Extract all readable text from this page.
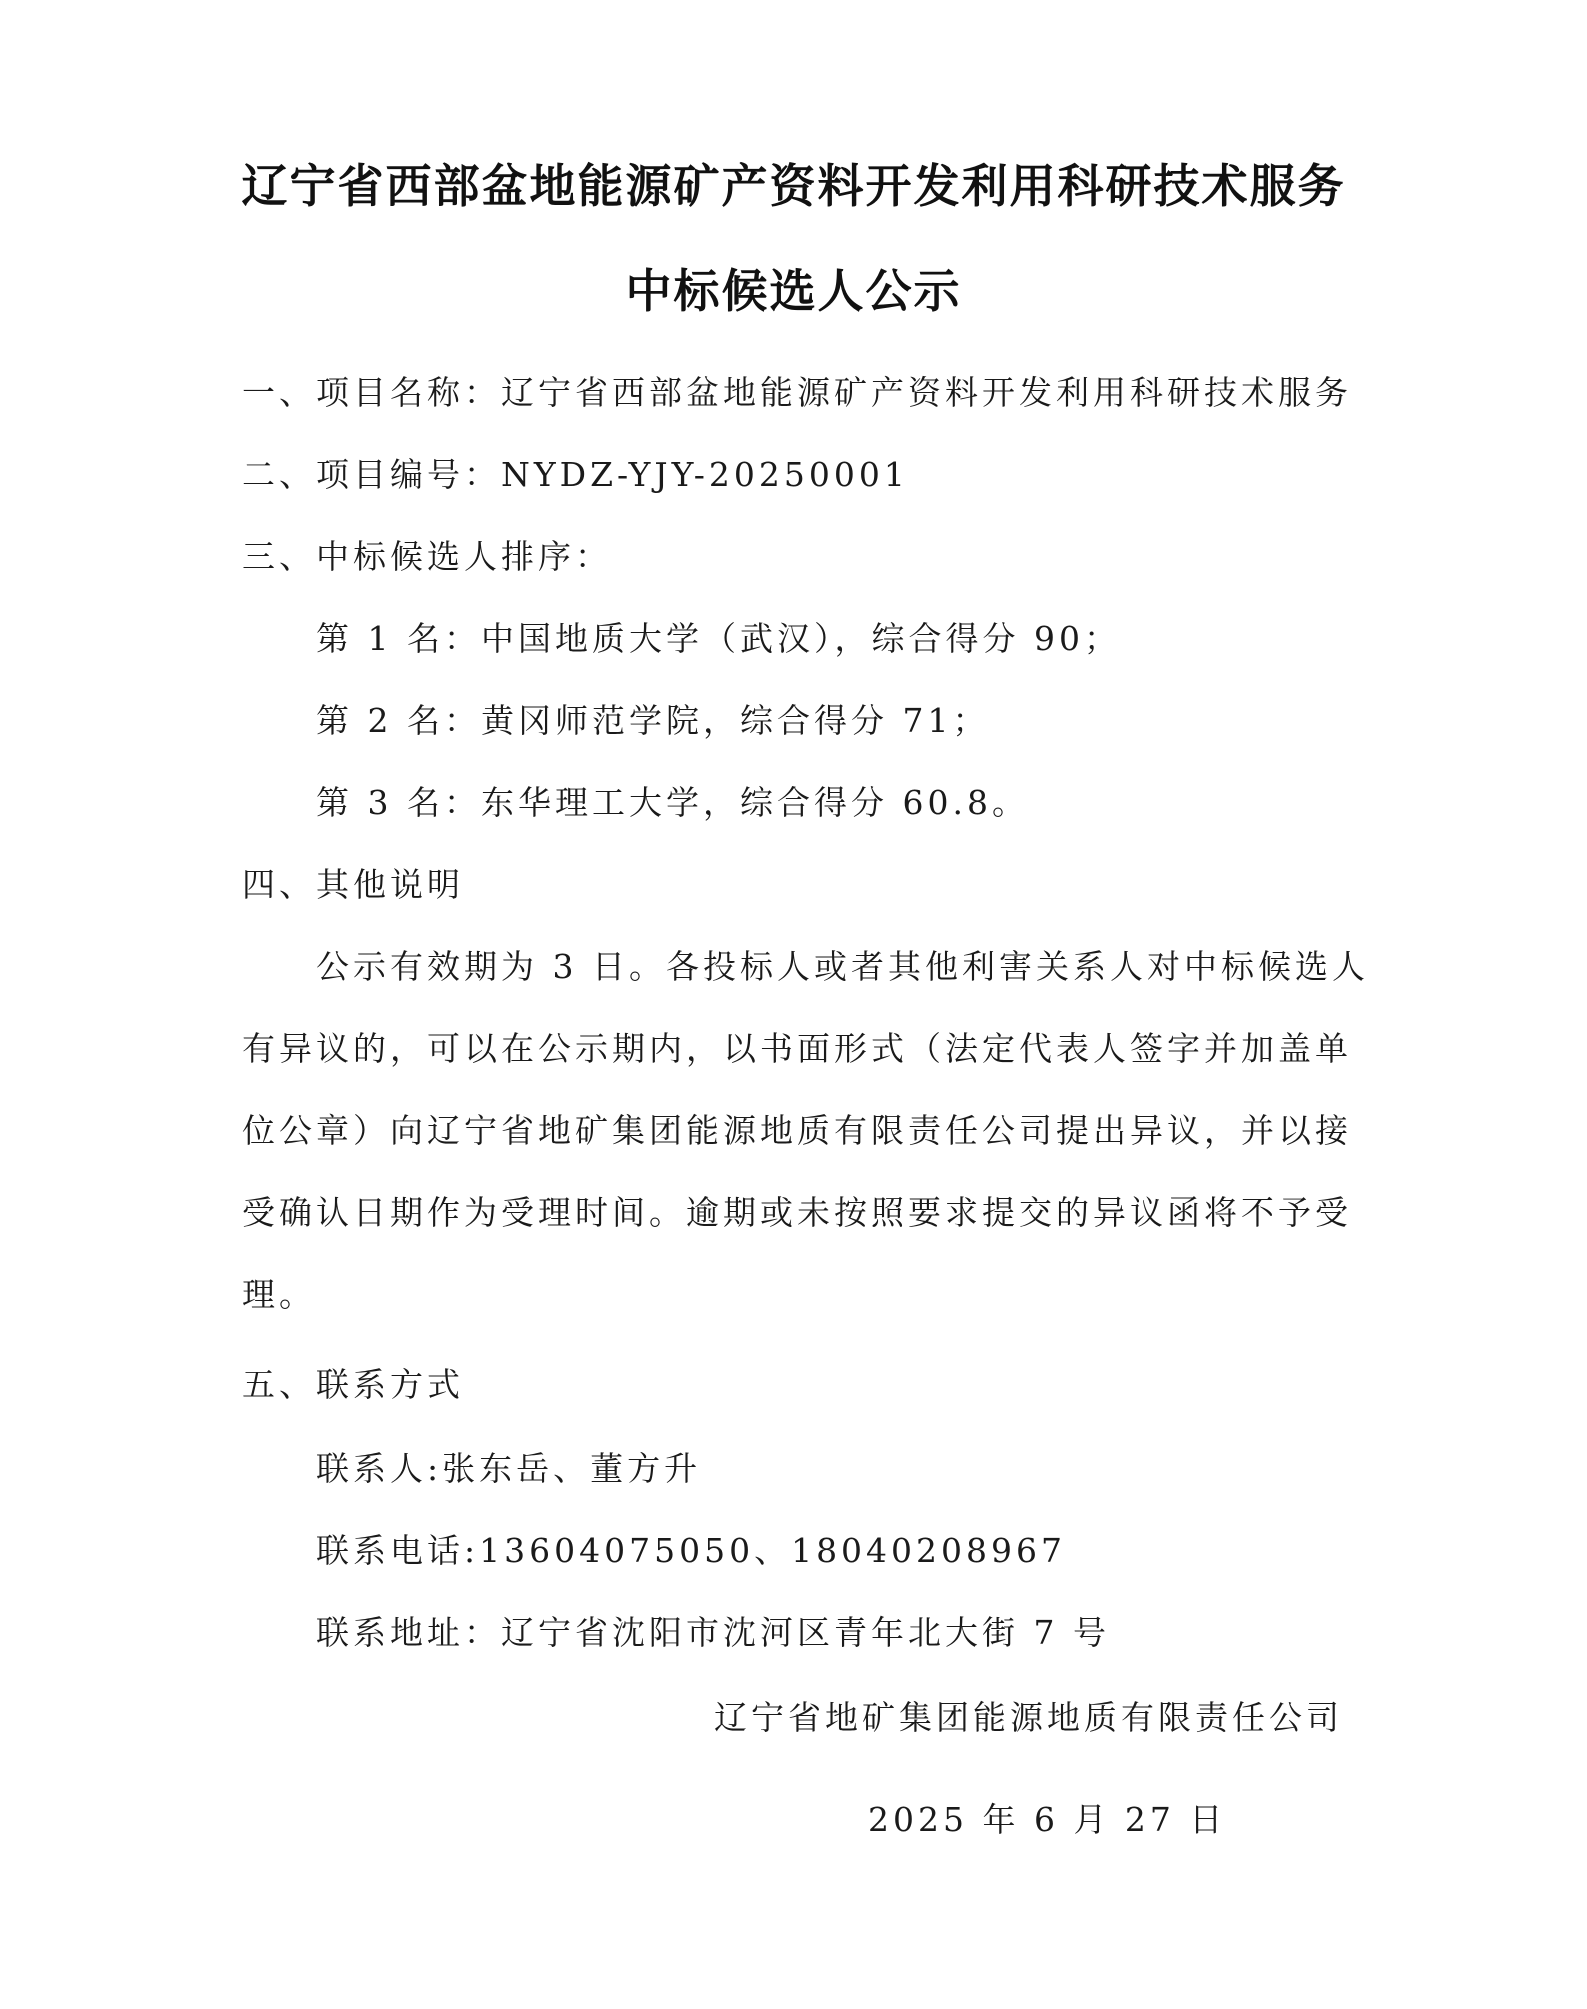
辽宁省西部盆地能源矿产资料开发利用科研技术服务
中标候选人公示
一、项目名称：辽宁省西部盆地能源矿产资料开发利用科研技术服务
二、项目编号：NYDZ-YJY-20250001
三、中标候选人排序：
第 1 名：中国地质大学（武汉），综合得分 90；
第 2 名：黄冈师范学院，综合得分 71；
第 3 名：东华理工大学，综合得分 60.8。
四、其他说明
公示有效期为 3 日。各投标人或者其他利害关系人对中标候选人
有异议的，可以在公示期内，以书面形式（法定代表人签字并加盖单
位公章）向辽宁省地矿集团能源地质有限责任公司提出异议，并以接
受确认日期作为受理时间。逾期或未按照要求提交的异议函将不予受
理。
五、联系方式
联系人:张东岳、董方升
联系电话:13604075050、18040208967
联系地址：辽宁省沈阳市沈河区青年北大街 7 号
辽宁省地矿集团能源地质有限责任公司
2025 年 6 月 27 日
